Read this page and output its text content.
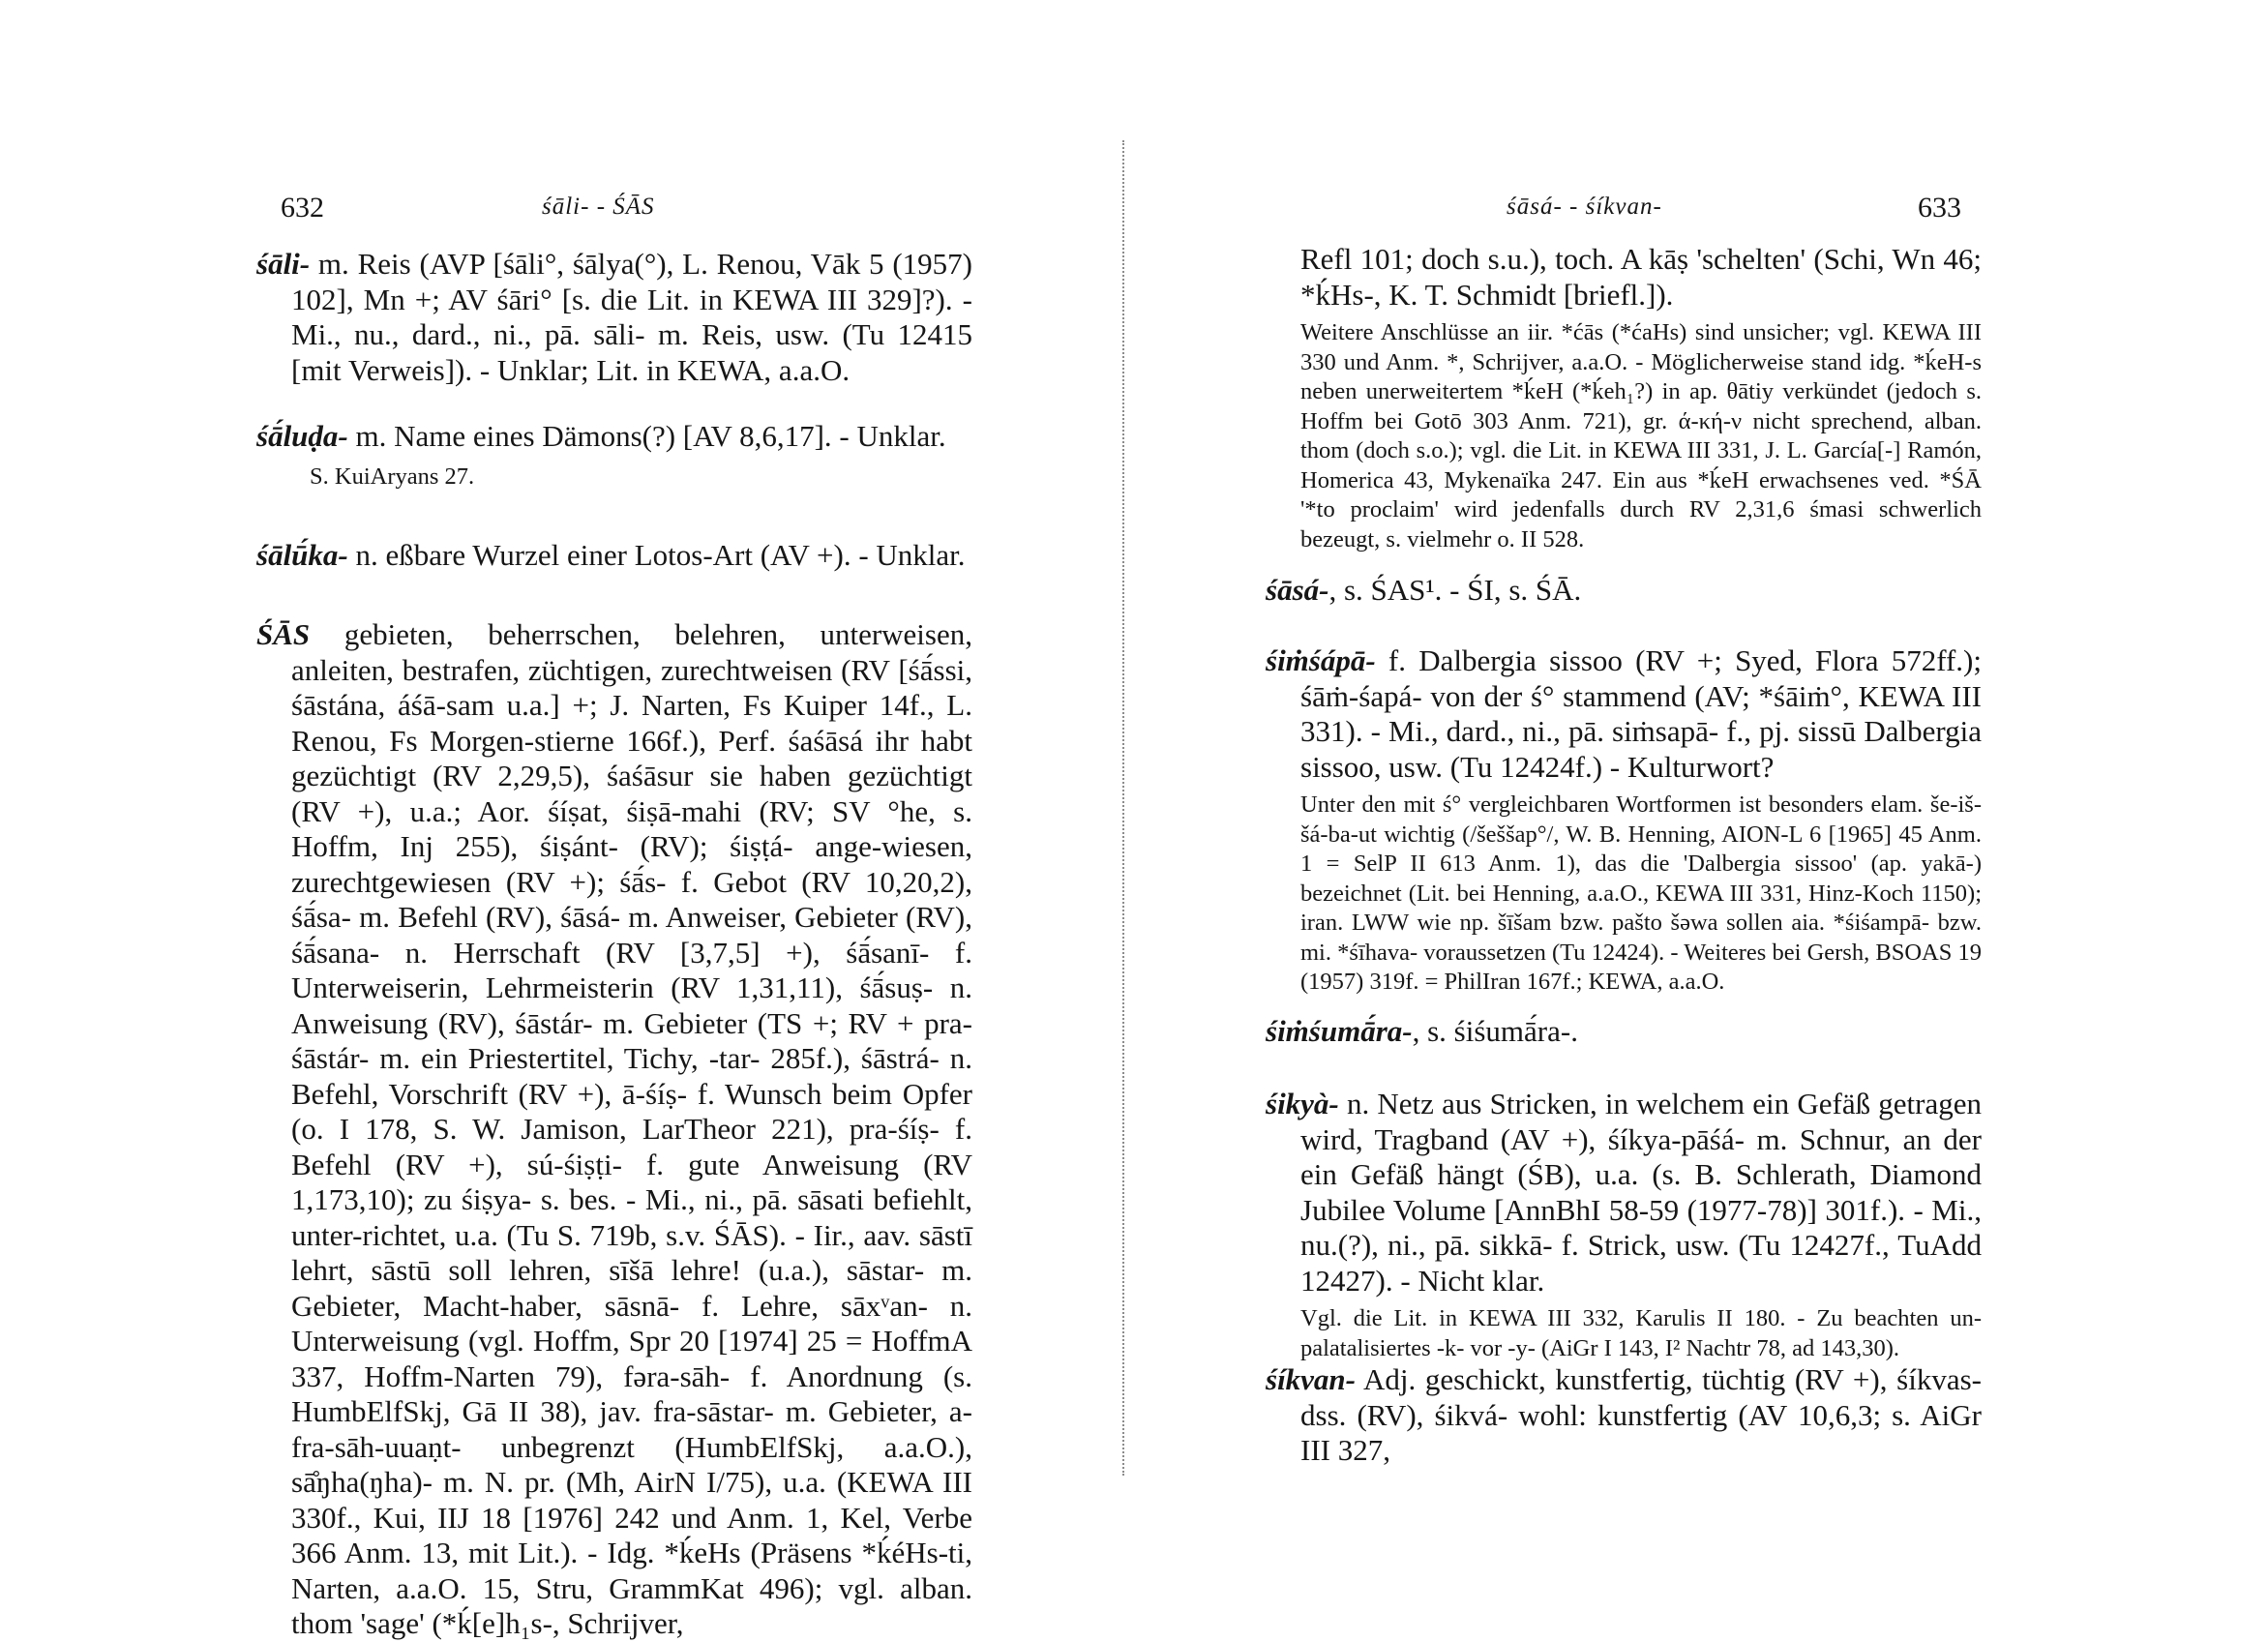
632	śāli- - ŚĀS

śāli- m. Reis (AVP [śāli°, śālya(°), L. Renou, Vāk 5 (1957) 102], Mn +; AV śāri° [s. die Lit. in KEWA III 329]?). - Mi., nu., dard., ni., pā. sāli- m. Reis, usw. (Tu 12415 [mit Verweis]). - Unklar; Lit. in KEWA, a.a.O.

śā́luḍa- m. Name eines Dämons(?) [AV 8,6,17]. - Unklar.

S. KuiAryans 27.

śālū́ka- n. eßbare Wurzel einer Lotos-Art (AV +). - Unklar.

ŚĀS gebieten, beherrschen, belehren, unterweisen, anleiten, bestrafen, züchtigen, zurechtweisen (RV [śā́ssi, śāstána, áśā-sam u.a.] +; J. Narten, Fs Kuiper 14f., L. Renou, Fs Morgen-stierne 166f.), Perf. śaśāsá ihr habt gezüchtigt (RV 2,29,5), śaśāsur sie haben gezüchtigt (RV +), u.a.; Aor. śíṣat, śiṣā-mahi (RV; SV °he, s. Hoffm, Inj 255), śiṣánt- (RV); śiṣṭá- ange-wiesen, zurechtgewiesen (RV +); śā́s- f. Gebot (RV 10,20,2), śā́sa- m. Befehl (RV), śāsá- m. Anweiser, Gebieter (RV), śā́sana- n. Herrschaft (RV [3,7,5] +), śā́sanī- f. Unterweiserin, Lehrmeisterin (RV 1,31,11), śā́suṣ- n. Anweisung (RV), śāstár- m. Gebieter (TS +; RV + pra-śāstár- m. ein Priestertitel, Tichy, -tar- 285f.), śāstrá- n. Befehl, Vorschrift (RV +), ā-śíṣ- f. Wunsch beim Opfer (o. I 178, S. W. Jamison, LarTheor 221), pra-śíṣ- f. Befehl (RV +), sú-śiṣṭi- f. gute Anweisung (RV 1,173,10); zu śiṣya- s. bes. - Mi., ni., pā. sāsati befiehlt, unter-richtet, u.a. (Tu S. 719b, s.v. ŚĀS). - Iir., aav. sāstī lehrt, sāstū soll lehren, sīšā lehre! (u.a.), sāstar- m. Gebieter, Macht-haber, sāsnā- f. Lehre, sāxᵛan- n. Unterweisung (vgl. Hoffm, Spr 20 [1974] 25 = HoffmA 337, Hoffm-Narten 79), fəra-sāh- f. Anordnung (s. HumbElfSkj, Gā II 38), jav. fra-sāstar- m. Gebieter, a-fra-sāh-uuaṇt- unbegrenzt (HumbElfSkj, a.a.O.), sā̊ŋha(ŋha)- m. N. pr. (Mh, AirN I/75), u.a. (KEWA III 330f., Kui, IIJ 18 [1976] 242 und Anm. 1, Kel, Verbe 366 Anm. 13, mit Lit.). - Idg. *ḱeHs (Präsens *ḱéHs-ti, Narten, a.a.O. 15, Stru, GrammKat 496); vgl. alban. thom 'sage' (*ḱ[e]h₁s-, Schrijver,

śāsá- - śíkvan-	633

Refl 101; doch s.u.), toch. A kāṣ 'schelten' (Schi, Wn 46; *ḱHs-, K. T. Schmidt [briefl.]).

Weitere Anschlüsse an iir. *ćās (*ćaHs) sind unsicher; vgl. KEWA III 330 und Anm. *, Schrijver, a.a.O. - Möglicherweise stand idg. *ḱeH-s neben unerweitertem *ḱeH (*ḱeh₁?) in ap. θātiy verkündet (jedoch s. Hoffm bei Gotō 303 Anm. 721), gr. ά-κή-ν nicht sprechend, alban. thom (doch s.o.); vgl. die Lit. in KEWA III 331, J. L. García[-] Ramón, Homerica 43, Mykenaïka 247. Ein aus *ḱeH erwachsenes ved. *ŚĀ '*to proclaim' wird jedenfalls durch RV 2,31,6 śmasi schwerlich bezeugt, s. vielmehr o. II 528.

śāsá-, s. ŚAS¹. - ŚI, s. ŚĀ.

śiṁśápā- f. Dalbergia sissoo (RV +; Syed, Flora 572ff.); śāṁ-śapá- von der ś° stammend (AV; *śāiṁ°, KEWA III 331). - Mi., dard., ni., pā. siṁsapā- f., pj. sissū Dalbergia sissoo, usw. (Tu 12424f.) - Kulturwort?

Unter den mit ś° vergleichbaren Wortformen ist besonders elam. še-iš-šá-ba-ut wichtig (/šeššap°/, W. B. Henning, AION-L 6 [1965] 45 Anm. 1 = SelP II 613 Anm. 1), das die 'Dalbergia sissoo' (ap. yakā-) bezeichnet (Lit. bei Henning, a.a.O., KEWA III 331, Hinz-Koch 1150); iran. LWW wie np. šīšam bzw. pašto šəwa sollen aia. *śiśampā- bzw. mi. *śīhava- voraussetzen (Tu 12424). - Weiteres bei Gersh, BSOAS 19 (1957) 319f. = PhilIran 167f.; KEWA, a.a.O.

śiṁśumā́ra-, s. śiśumā́ra-.

śikyà- n. Netz aus Stricken, in welchem ein Gefäß getragen wird, Tragband (AV +), śíkya-pāśá- m. Schnur, an der ein Gefäß hängt (ŚB), u.a. (s. B. Schlerath, Diamond Jubilee Volume [AnnBhI 58-59 (1977-78)] 301f.). - Mi., nu.(?), ni., pā. sikkā- f. Strick, usw. (Tu 12427f., TuAdd 12427). - Nicht klar.

Vgl. die Lit. in KEWA III 332, Karulis II 180. - Zu beachten un-palatalisiertes -k- vor -y- (AiGr I 143, I² Nachtr 78, ad 143,30).

śíkvan- Adj. geschickt, kunstfertig, tüchtig (RV +), śíkvas- dss. (RV), śikvá- wohl: kunstfertig (AV 10,6,3; s. AiGr III 327,
